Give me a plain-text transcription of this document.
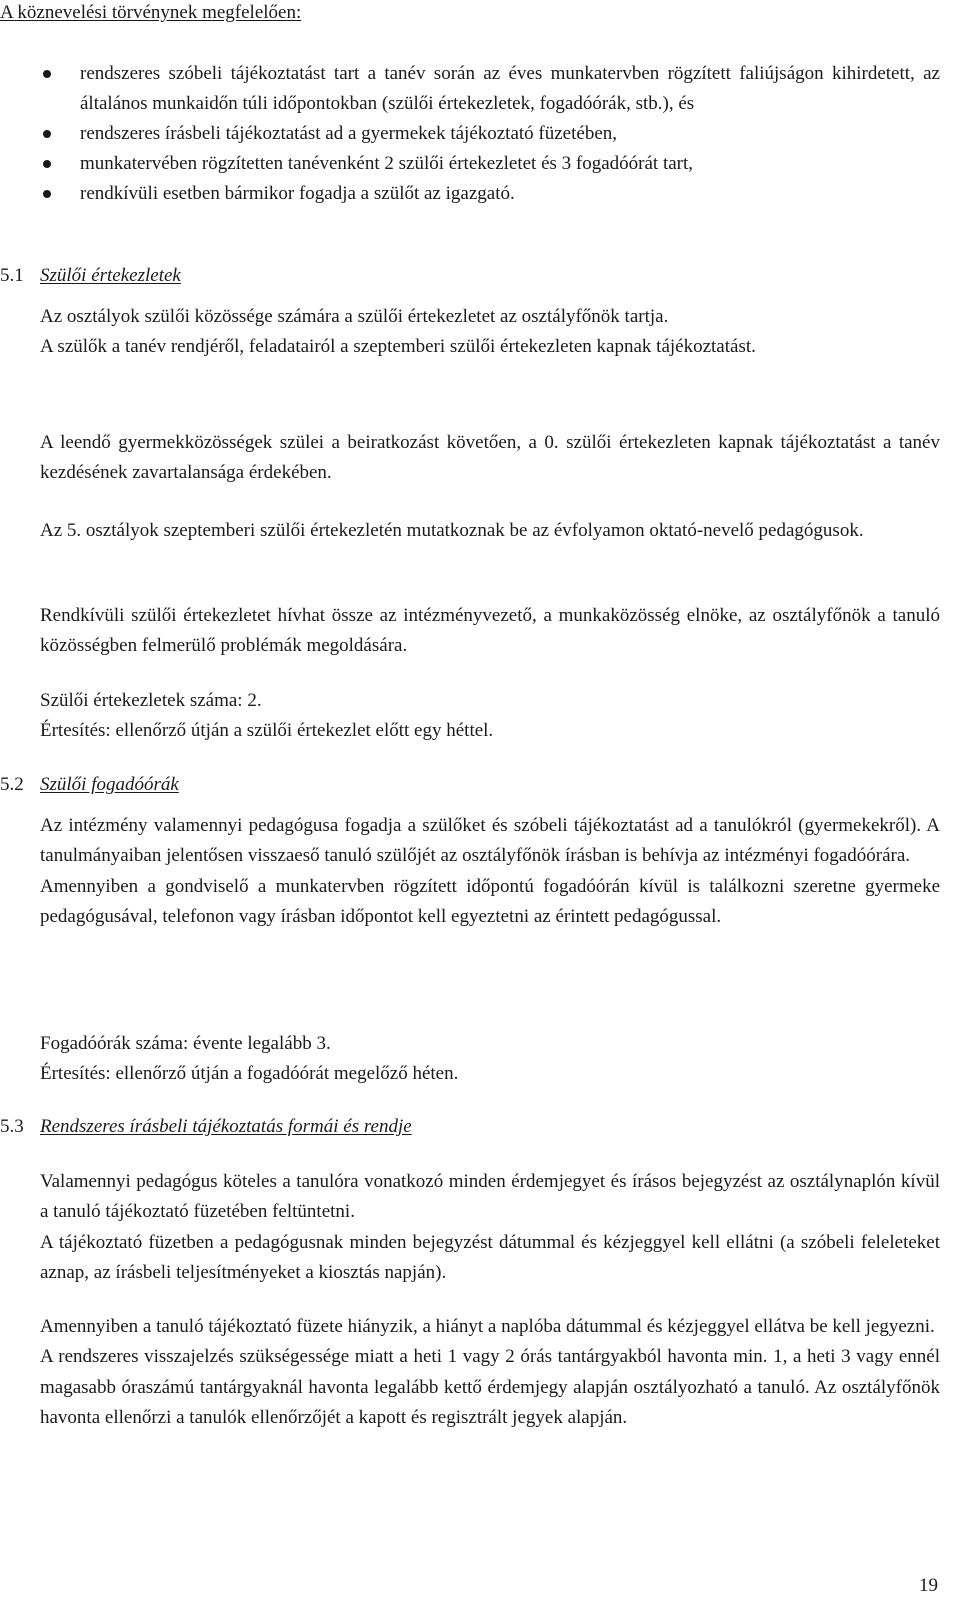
A köznevelési törvénynek megfelelően:
rendszeres szóbeli tájékoztatást tart a tanév során az éves munkatervben rögzített faliújságon kihirdetett, az általános munkaidőn túli időpontokban (szülői értekezletek, fogadóórák, stb.), és
rendszeres írásbeli tájékoztatást ad a gyermekek tájékoztató füzetében,
munkatervében rögzítetten tanévenként 2 szülői értekezletet és 3 fogadóórát tart,
rendkívüli esetben bármikor fogadja a szülőt az igazgató.
5.1 Szülői értekezletek

Az osztályok szülői közössége számára a szülői értekezletet az osztályfőnök tartja.
A szülők a tanév rendjéről, feladatairól a szeptemberi szülői értekezleten kapnak tájékoztatást.

A leendő gyermekközösségek szülei a beiratkozást követően, a 0. szülői értekezleten kapnak tájékoztatást a tanév kezdésének zavartalansága érdekében.

Az 5. osztályok szeptemberi szülői értekezletén mutatkoznak be az évfolyamon oktató-nevelő pedagógusok.

Rendkívüli szülői értekezletet hívhat össze az intézményvezető, a munkaközösség elnöke, az osztályfőnök a tanuló közösségben felmerülő problémák megoldására.

Szülői értekezletek száma: 2.
Értesítés: ellenőrző útján a szülői értekezlet előtt egy héttel.

5.2 Szülői fogadóórák

Az intézmény valamennyi pedagógusa fogadja a szülőket és szóbeli tájékoztatást ad a tanulókról (gyermekekről). A tanulmányaiban jelentősen visszaeső tanuló szülőjét az osztályfőnök írásban is behívja az intézményi fogadóórára.
Amennyiben a gondviselő a munkatervben rögzített időpontú fogadóórán kívül is találkozni szeretne gyermeke pedagógusával, telefonon vagy írásban időpontot kell egyeztetni az érintett pedagógussal.

Fogadóórák száma: évente legalább 3.
Értesítés: ellenőrző útján a fogadóórát megelőző héten.

5.3 Rendszeres írásbeli tájékoztatás formái és rendje

Valamennyi pedagógus köteles a tanulóra vonatkozó minden érdemjegyet és írásos bejegyzést az osztálynaplón kívül a tanuló tájékoztató füzetében feltüntetni.
A tájékoztató füzetben a pedagógusnak minden bejegyzést dátummal és kézjeggyel kell ellátni (a szóbeli feleleteket aznap, az írásbeli teljesítményeket a kiosztás napján).

Amennyiben a tanuló tájékoztató füzete hiányzik, a hiányt a naplóba dátummal és kézjeggyel ellátva be kell jegyezni.
A rendszeres visszajelzés szükségessége miatt a heti 1 vagy 2 órás tantárgyakból havonta min. 1, a heti 3 vagy ennél magasabb óraszámú tantárgyaknál havonta legalább kettő érdemjegy alapján osztályozható a tanuló. Az osztályfőnök havonta ellenőrzi a tanulók ellenőrzőjét a kapott és regisztrált jegyek alapján.

19
